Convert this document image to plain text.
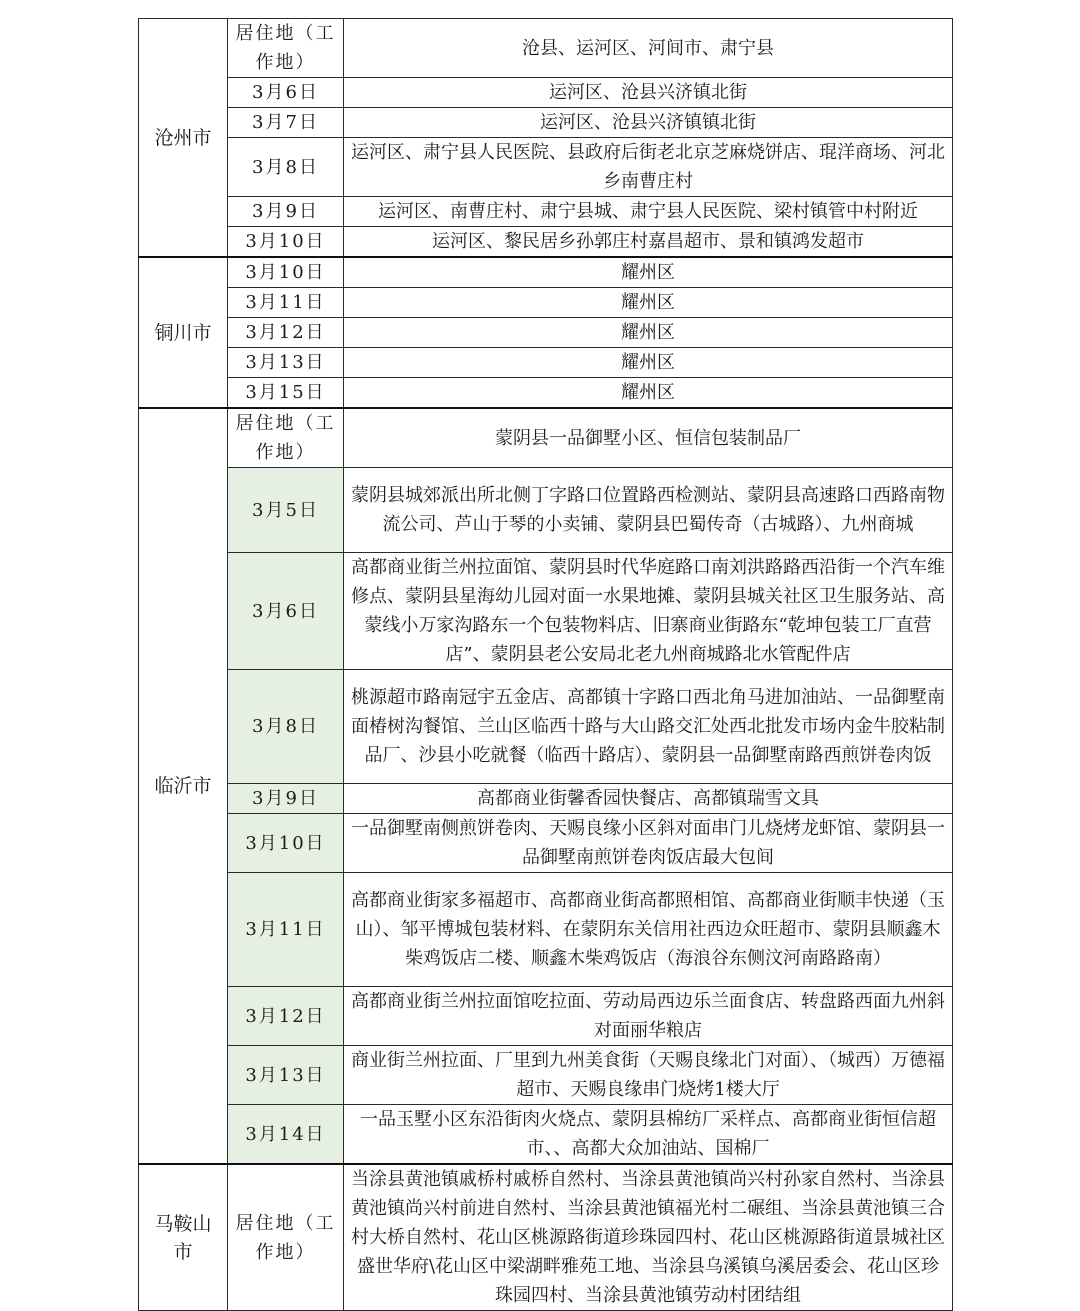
沧州市	居住地（工作地）	沧县、运河区、河间市、肃宁县
	3月6日	运河区、沧县兴济镇北街
	3月7日	运河区、沧县兴济镇镇北街
	3月8日	运河区、肃宁县人民医院、县政府后街老北京芝麻烧饼店、琨洋商场、河北乡南曹庄村
	3月9日	运河区、南曹庄村、肃宁县城、肃宁县人民医院、梁村镇管中村附近
	3月10日	运河区、黎民居乡孙郭庄村嘉昌超市、景和镇鸿发超市
铜川市	3月10日	耀州区
	3月11日	耀州区
	3月12日	耀州区
	3月13日	耀州区
	3月15日	耀州区
临沂市	居住地（工作地）	蒙阴县一品御墅小区、恒信包装制品厂
	3月5日	蒙阴县城郊派出所北侧丁字路口位置路西检测站、蒙阴县高速路口西路南物流公司、芦山于琴的小卖铺、蒙阴县巴蜀传奇（古城路）、九州商城
	3月6日	高都商业街兰州拉面馆、蒙阴县时代华庭路口南刘洪路路西沿街一个汽车维修点、蒙阴县星海幼儿园对面一水果地摊、蒙阴县城关社区卫生服务站、高蒙线小万家沟路东一个包装物料店、旧寨商业街路东“乾坤包装工厂直营店”、蒙阴县老公安局北老九州商城路北水管配件店
	3月8日	桃源超市路南冠宇五金店、高都镇十字路口西北角马进加油站、一品御墅南面椿树沟餐馆、兰山区临西十路与大山路交汇处西北批发市场内金牛胶粘制品厂、沙县小吃就餐（临西十路店）、蒙阴县一品御墅南路西煎饼卷肉饭
	3月9日	高都商业街馨香园快餐店、高都镇瑞雪文具
	3月10日	一品御墅南侧煎饼卷肉、天赐良缘小区斜对面串门儿烧烤龙虾馆、蒙阴县一品御墅南煎饼卷肉饭店最大包间
	3月11日	高都商业街家多福超市、高都商业街高都照相馆、高都商业街顺丰快递（玉山）、邹平博城包装材料、在蒙阴东关信用社西边众旺超市、蒙阴县顺鑫木柴鸡饭店二楼、顺鑫木柴鸡饭店（海浪谷东侧汶河南路路南）
	3月12日	高都商业街兰州拉面馆吃拉面、劳动局西边乐兰面食店、转盘路西面九州斜对面丽华粮店
	3月13日	商业街兰州拉面、厂里到九州美食街（天赐良缘北门对面）、（城西）万德福超市、天赐良缘串门烧烤1楼大厅
	3月14日	一品玉墅小区东沿街肉火烧点、蒙阴县棉纺厂采样点、高都商业街恒信超市、、高都大众加油站、国棉厂
马鞍山市	居住地（工作地）	当涂县黄池镇戚桥村戚桥自然村、当涂县黄池镇尚兴村孙家自然村、当涂县黄池镇尚兴村前进自然村、当涂县黄池镇福光村二碾组、当涂县黄池镇三合村大桥自然村、花山区桃源路街道珍珠园四村、花山区桃源路街道景城社区盛世华府\花山区中梁湖畔雅苑工地、当涂县乌溪镇乌溪居委会、花山区珍珠园四村、当涂县黄池镇劳动村团结组
